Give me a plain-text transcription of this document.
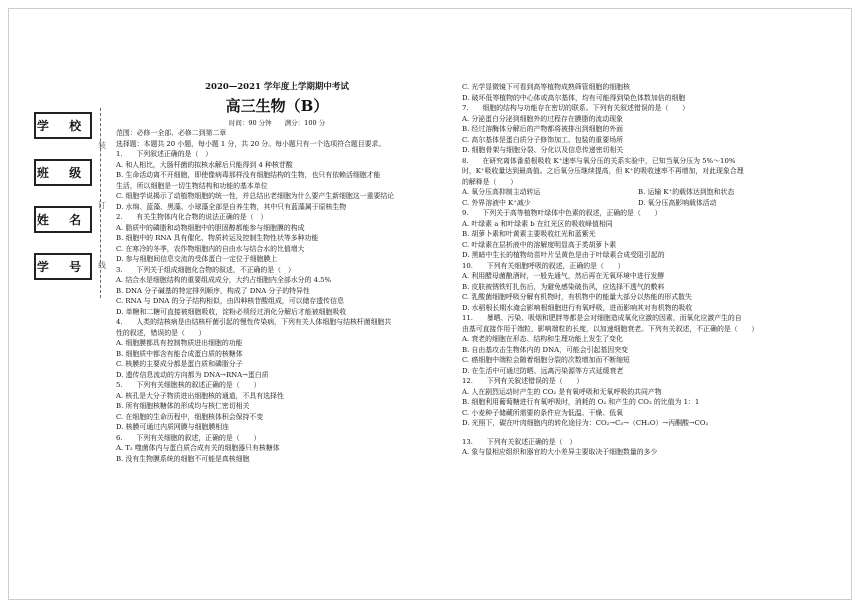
学 校
班 级
姓 名
学 号
2020—2021 学年度上学期期中考试
高三生物（B）
时间：90 分钟　　满分：100 分
范围：必修一全部、必修二到第二章
选择题：本题共 20 小题，每小题 1 分，共 20 分。每小题只有一个选项符合题目要求。
1.　　下列叙述正确的是（　）
A. 和人相比，大肠杆菌的拟核水解后只能得到 4 种核苷酸
B. 生命活动离不开细胞，即使像病毒那样没有细胞结构的生物，也只有依赖活细胞才能
生活，所以细胞是一切生物结构和功能的基本单位
C. 细胞学说揭示了动植物细胞的统一性，并总结出老细胞为什么要产生新细胞这一重要结论
D. 水绵、蓝藻、黑藻、小球藻全部是自养生物，其中只有蓝藻属于原核生物
2.　　有关生物体内化合物的说法正确的是（　）
A. 脂质中的磷脂和动物细胞中的胆固醇都能参与细胞膜的构成
B. 细胞中的 RNA 具有催化、物质转运及控制生物性状等多种功能
C. 在寒冷的冬季，农作物细胞内的自由水与结合水的比值增大
D. 参与细胞间信息交流的受体蛋白一定位于细胞膜上
3.　　下列关于组成细胞化合物的叙述，不正确的是（　）
A. 结合水是细胞结构的重要组成成分，大约占细胞内全部水分的 4.5%
B. DNA 分子碱基的特定排列顺序，构成了 DNA 分子的特异性
C. RNA 与 DNA 的分子结构相似，由四种核苷酸组成，可以储存遗传信息
D. 单糖和二糖可直接被细胞吸收，淀粉必须经过消化分解后才能被细胞吸收
4.　　人类的结核病是由结核杆菌引起的慢性传染病，下列有关人体细胞与结核杆菌细胞共
性的叙述，错误的是（　　）
A. 细胞膜都具有控制物质进出细胞的功能
B. 细胞质中都含有能合成蛋白质的核糖体
C. 核膜的主要成分都是蛋白质和磷脂分子
D. 遗传信息流动的方向都为 DNA→RNA→蛋白质
5.　　下列有关细胞核的叙述正确的是（　　）
A. 核孔是大分子物质进出细胞核的通道，不具有选择性
B. 所有细胞核糖体的形成均与核仁密切相关
C. 在细胞的生命历程中，细胞核体积会保持不变
D. 核膜可通过内质网膜与细胞膜相连
6.　　下列有关细胞的叙述，正确的是（　　）
A. T₂ 噬菌体内与蛋白质合成有关的细胞器只有核糖体
B. 没有生物膜系统的细胞不可能是真核细胞
C. 光学显微镜下可看到高等植物成熟筛管细胞的细胞核
D. 破坏低等植物的中心体或高尔基体，均有可能得到染色体数加倍的细胞
7.　　细胞的结构与功能存在密切的联系。下列有关叙述错误的是（　　）
A. 分泌蛋白分泌到细胞外的过程存在膜脂的流动现象
B. 经过溶酶体分解后的产物都将被排出到细胞的外面
C. 高尔基体是蛋白质分子修饰加工、包装的重要场所
D. 细胞骨架与细胞分裂、分化以及信息传递密切相关
8.　　在研究离体番茄根吸收 K⁺速率与氧分压的关系实验中，已知当氧分压为 5%～10%
时，K⁺吸收量达到最高值。之后氧分压继续提高，但 K⁺的吸收速率不再增加，对此现象合理
的解释是（　　）
A. 氧分压高抑制主动转运	B. 运输 K⁺的载体达到饱和状态
C. 外界溶液中 K⁺减少	D. 氧分压高影响载体活动
9.　　下列关于高等植物叶绿体中色素的叙述，正确的是（　　）
A. 叶绿素 a 和叶绿素 b 在红光区的吸收峰值相同
B. 胡萝卜素和叶黄素主要吸收红光和蓝紫光
C. 叶绿素在层析液中的溶解度明显高于类胡萝卜素
D. 黑暗中生长的植物幼苗叶片呈黄色是由于叶绿素合成受阻引起的
10.　　下列有关细胞呼吸的叙述，正确的是（　　）
A. 利用醋母菌酿酒时，一般先通气，然后再在无氧环境中进行发酵
B. 皮肤被锈铁钉扎伤后，为避免感染破伤风，应选择不透气的敷料
C. 乳酸菌细胞呼吸分解有机物时，有机物中的能量大部分以热能的形式散失
D. 水稻根长期水淹会影响根细胞进行有氧呼吸，进而影响其对有机物的吸收
11.　　暴晒、污染、吸烟和肥胖等都是会对细胞造成氧化应激的因素，而氧化应激产生的自
由基可直接作用于端粒，影响端粒的长度，以加速细胞衰老。下列有关叙述，不正确的是（　　）
A. 衰老的细胞在形态、结构和生理功能上发生了变化
B. 自由基攻击生物体内的 DNA，可能会引起基因突变
C. 癌细胞中端粒会随着细胞分裂的次数增加而不断缩短
D. 在生活中可通过防晒、远离污染源等方式延缓衰老
12.　　下列有关叙述错误的是（　　）
A. 人在剧烈运动时产生的 CO₂ 是有氧呼吸和无氧呼吸的共同产物
B. 细胞利用葡萄糖进行有氧呼吸时，消耗的 O₂ 和产生的 CO₂ 的比值为 1：1
C. 小麦种子储藏所需要的条件应为低温、干燥、低氧
D. 光照下，碳在叶肉细胞内的转化途径为：CO₂→C₃→（CH₂O）→丙酮酸→CO₂
13.　　下列有关叙述正确的是（　）
A. 象与鼠相应组织和器官的大小差异主要取决于细胞数量的多少
装
订
线
